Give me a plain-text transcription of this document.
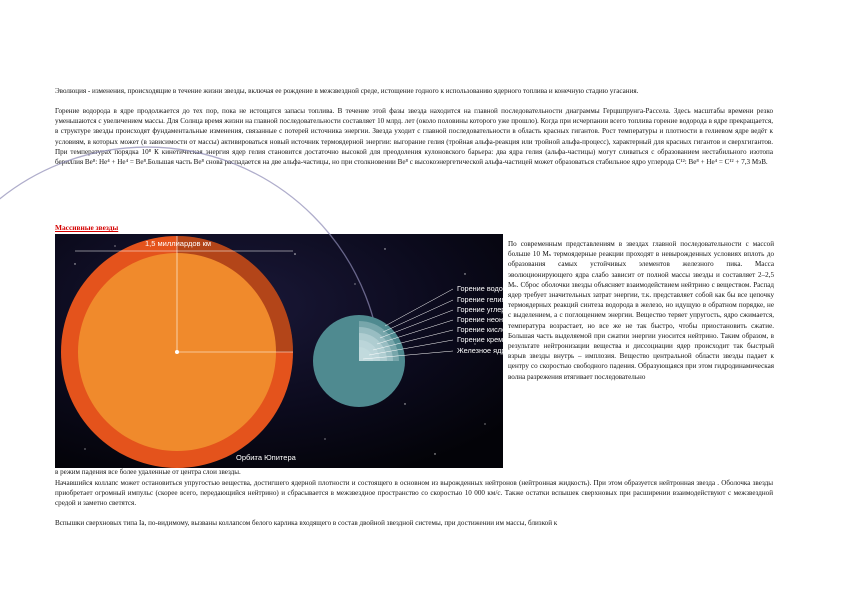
Эволюция - изменения, происходящие в течение жизни звезды, включая ее рождение в межзвездной среде, истощение годного к использованию ядерного топлива и конечную стадию угасания.

Горение водорода в ядре продолжается до тех пор, пока не истощатся запасы топлива. В течение этой фазы звезда находится на главной последовательности диаграммы Герцшпрунга-Рассела. Здесь масштабы времени резко уменьшаются с увеличением массы. Для Солнца время жизни на главной последовательности составляет 10 млрд. лет (около половины которого уже прошло). Когда при исчерпании всего топлива горение водорода в ядре прекращается, в структуре звезды происходят фундаментальные изменения, связанные с потерей источника энергии. Звезда уходит с главной последовательности в область красных гигантов. Рост температуры и плотности в гелиевом ядре ведёт к условиям, в которых может (в зависимости от массы) активироваться новый источник термоядерной энергии: выгорание гелия (тройная альфа-реакция или тройной альфа-процесс), характерный для красных гигантов и сверхгигантов. При температурах порядка 10⁸ К кинетическая энергия ядер гелия становится достаточно высокой для преодоления кулоновского барьера: два ядра гелия (альфа-частицы) могут сливаться с образованием нестабильного изотопа бериллия Be⁸: He⁴ + He⁴ = Be⁸.Большая часть Be⁸ снова распадается на две альфа-частицы, но при столкновении Be⁸ с высокоэнергетической альфа-частицей может образоваться стабильное ядро углерода C¹²: Be⁸ + He⁴ = C¹² + 7,3 МэВ.

Массивные звезды
1,5 миллиардов км
Горение водорода
Горение гелия
Горение углерода
Горение неона
Горение кислорода
Горение кремния
Железное ядро
Орбита Юпитера

По современным представлениям в звездах главной последовательности с массой больше 10 Mₛ термоядерные реакции проходят в невырожденных условиях вплоть до образования самых устойчивых элементов железного пика. Масса эволюционирующего ядра слабо зависит от полной массы звезды и составляет 2–2,5 Mₛ. Сброс оболочки звезды объясняет взаимодействием нейтрино с веществом. Распад ядер требует значительных затрат энергии, т.к. представляет собой как бы все цепочку термоядерных реакций синтеза водорода в железо, но идущую в обратном порядке, не с выделением, а с поглощением энергии. Вещество теряет упругость, ядро сжимается, температура возрастает, но все же не так быстро, чтобы приостановить сжатие. Большая часть выделяемой при сжатии энергии уносится нейтрино. Таким образом, в результате нейтронизации вещества и диссоциации ядер происходит так быстрый взрыв звезды внутрь – имплозия. Вещество центральной области звезды падает к центру со скоростью свободного падения. Образующаяся при этом гидродинамическая волна разрежения втягивает последовательно

в режим падения все более удаленные от центра слои звезды.

Начавшийся коллапс может остановиться упругостью вещества, достигшего ядерной плотности и состоящего в основном из вырожденных нейтронов (нейтронная жидкость). При этом образуется нейтронная звезда . Оболочка звезды приобретает огромный импульс (скорее всего, передающийся нейтрино) и сбрасывается в межзвездное пространство со скоростью 10 000 км/с. Также остатки вспышек сверхновых при расширении взаимодействуют с межзвездной средой и заметно светятся.

Вспышки сверхновых типа Ia, по-видимому, вызваны коллапсом белого карлика входящего в состав двойной звездной системы, при достижении им массы, близкой к
